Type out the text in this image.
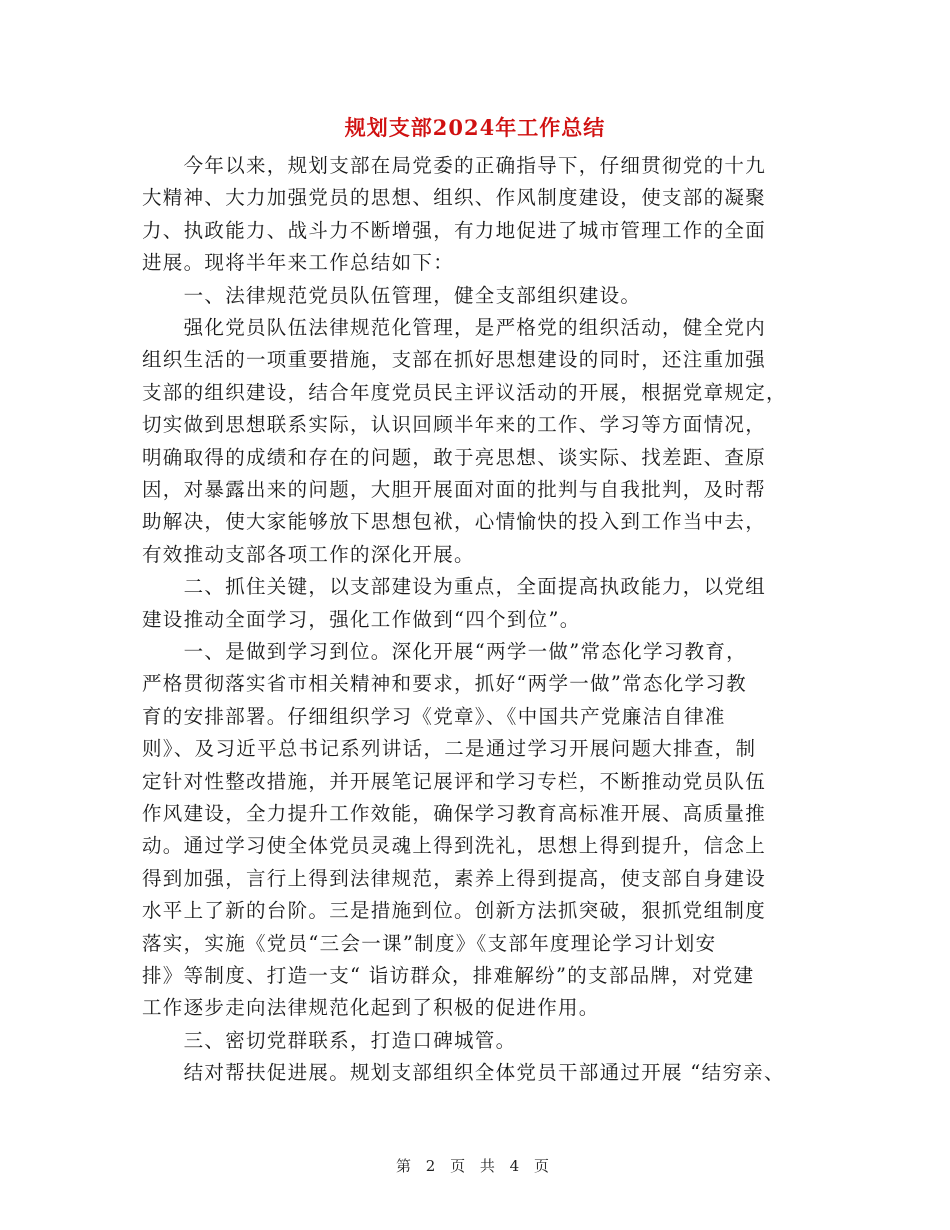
规划支部2024年工作总结
　　今年以来，规划支部在局党委的正确指导下，仔细贯彻党的十九
大精神、大力加强党员的思想、组织、作风制度建设，使支部的凝聚
力、执政能力、战斗力不断增强，有力地促进了城市管理工作的全面
进展。现将半年来工作总结如下：
　　一、法律规范党员队伍管理，健全支部组织建设。
　　强化党员队伍法律规范化管理，是严格党的组织活动，健全党内
组织生活的一项重要措施，支部在抓好思想建设的同时，还注重加强
支部的组织建设，结合年度党员民主评议活动的开展，根据党章规定，
切实做到思想联系实际，认识回顾半年来的工作、学习等方面情况，
明确取得的成绩和存在的问题，敢于亮思想、谈实际、找差距、查原
因，对暴露出来的问题，大胆开展面对面的批判与自我批判，及时帮
助解决，使大家能够放下思想包袱，心情愉快的投入到工作当中去，
有效推动支部各项工作的深化开展。
　　二、抓住关键，以支部建设为重点，全面提高执政能力，以党组
建设推动全面学习，强化工作做到“四个到位”。
　　一、是做到学习到位。深化开展“两学一做”常态化学习教育，
严格贯彻落实省市相关精神和要求，抓好“两学一做”常态化学习教
育的安排部署。仔细组织学习《党章》、《中国共产党廉洁自律准
则》、及习近平总书记系列讲话，二是通过学习开展问题大排查，制
定针对性整改措施，并开展笔记展评和学习专栏，不断推动党员队伍
作风建设，全力提升工作效能，确保学习教育高标准开展、高质量推
动。通过学习使全体党员灵魂上得到洗礼，思想上得到提升，信念上
得到加强，言行上得到法律规范，素养上得到提高，使支部自身建设
水平上了新的台阶。三是措施到位。创新方法抓突破，狠抓党组制度
落实，实施《党员“三会一课”制度》《支部年度理论学习计划安
排》等制度、打造一支“ 诣访群众，排难解纷”的支部品牌，对党建
工作逐步走向法律规范化起到了积极的促进作用。
　　三、密切党群联系，打造口碑城管。
　　结对帮扶促进展。规划支部组织全体党员干部通过开展 “结穷亲、
第 2 页 共 4 页
